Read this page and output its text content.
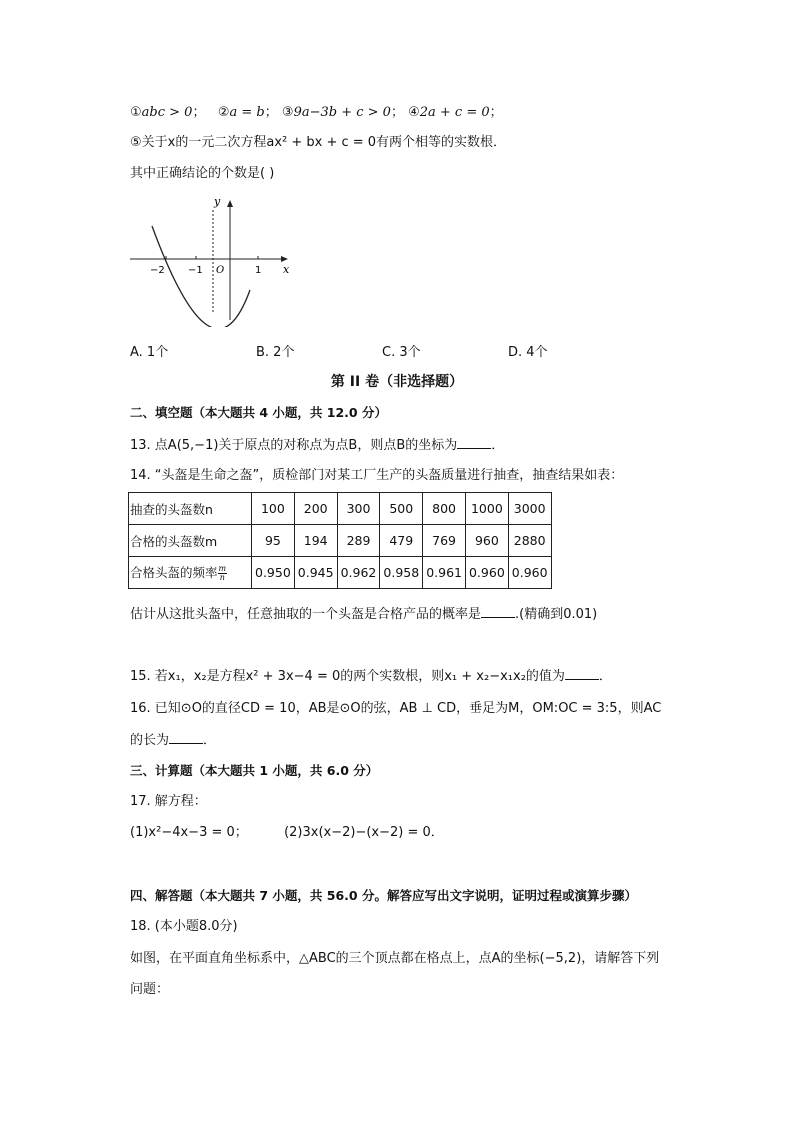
①abc > 0； ②a = b； ③9a−3b + c > 0； ④2a + c = 0；
⑤关于x的一元二次方程ax² + bx + c = 0有两个相等的实数根．
其中正确结论的个数是( )
y
x
−2 −1 O	1
A. 1个	B. 2个	C. 3个	D. 4个
第 II 卷（非选择题）
二、填空题（本大题共 4 小题，共 12.0 分）
13. 点A(5,−1)关于原点的对称点为点B，则点B的坐标为	．
14. “头盔是生命之盔”，质检部门对某工厂生产的头盔质量进行抽查，抽查结果如表：
抽查的头盔数n	100	200	300	500	800	1000	3000
合格的头盔数m	95	194	289	479	769	960	2880
合格头盔的频率 $\frac{m}{n}$	0.950	0.945	0.962	0.958	0.961	0.960	0.960
估计从这批头盔中，任意抽取的一个头盔是合格产品的概率是	.(精确到0.01)
15. 若x₁，x₂是方程x² + 3x−4 = 0的两个实数根，则x₁ + x₂−x₁x₂的值为	．
16. 已知⊙O的直径CD = 10，AB是⊙O的弦，AB ⊥ CD，垂足为M，OM:OC = 3:5，则AC
的长为	．
三、计算题（本大题共 1 小题，共 6.0 分）
17. 解方程：
(1)x²−4x−3 = 0；	(2)3x(x−2)−(x−2) = 0．
四、解答题（本大题共 7 小题，共 56.0 分。解答应写出文字说明，证明过程或演算步骤）
18. (本小题8.0分)
如图，在平面直角坐标系中，△ABC的三个顶点都在格点上，点A的坐标(−5,2)，请解答下列
问题：
